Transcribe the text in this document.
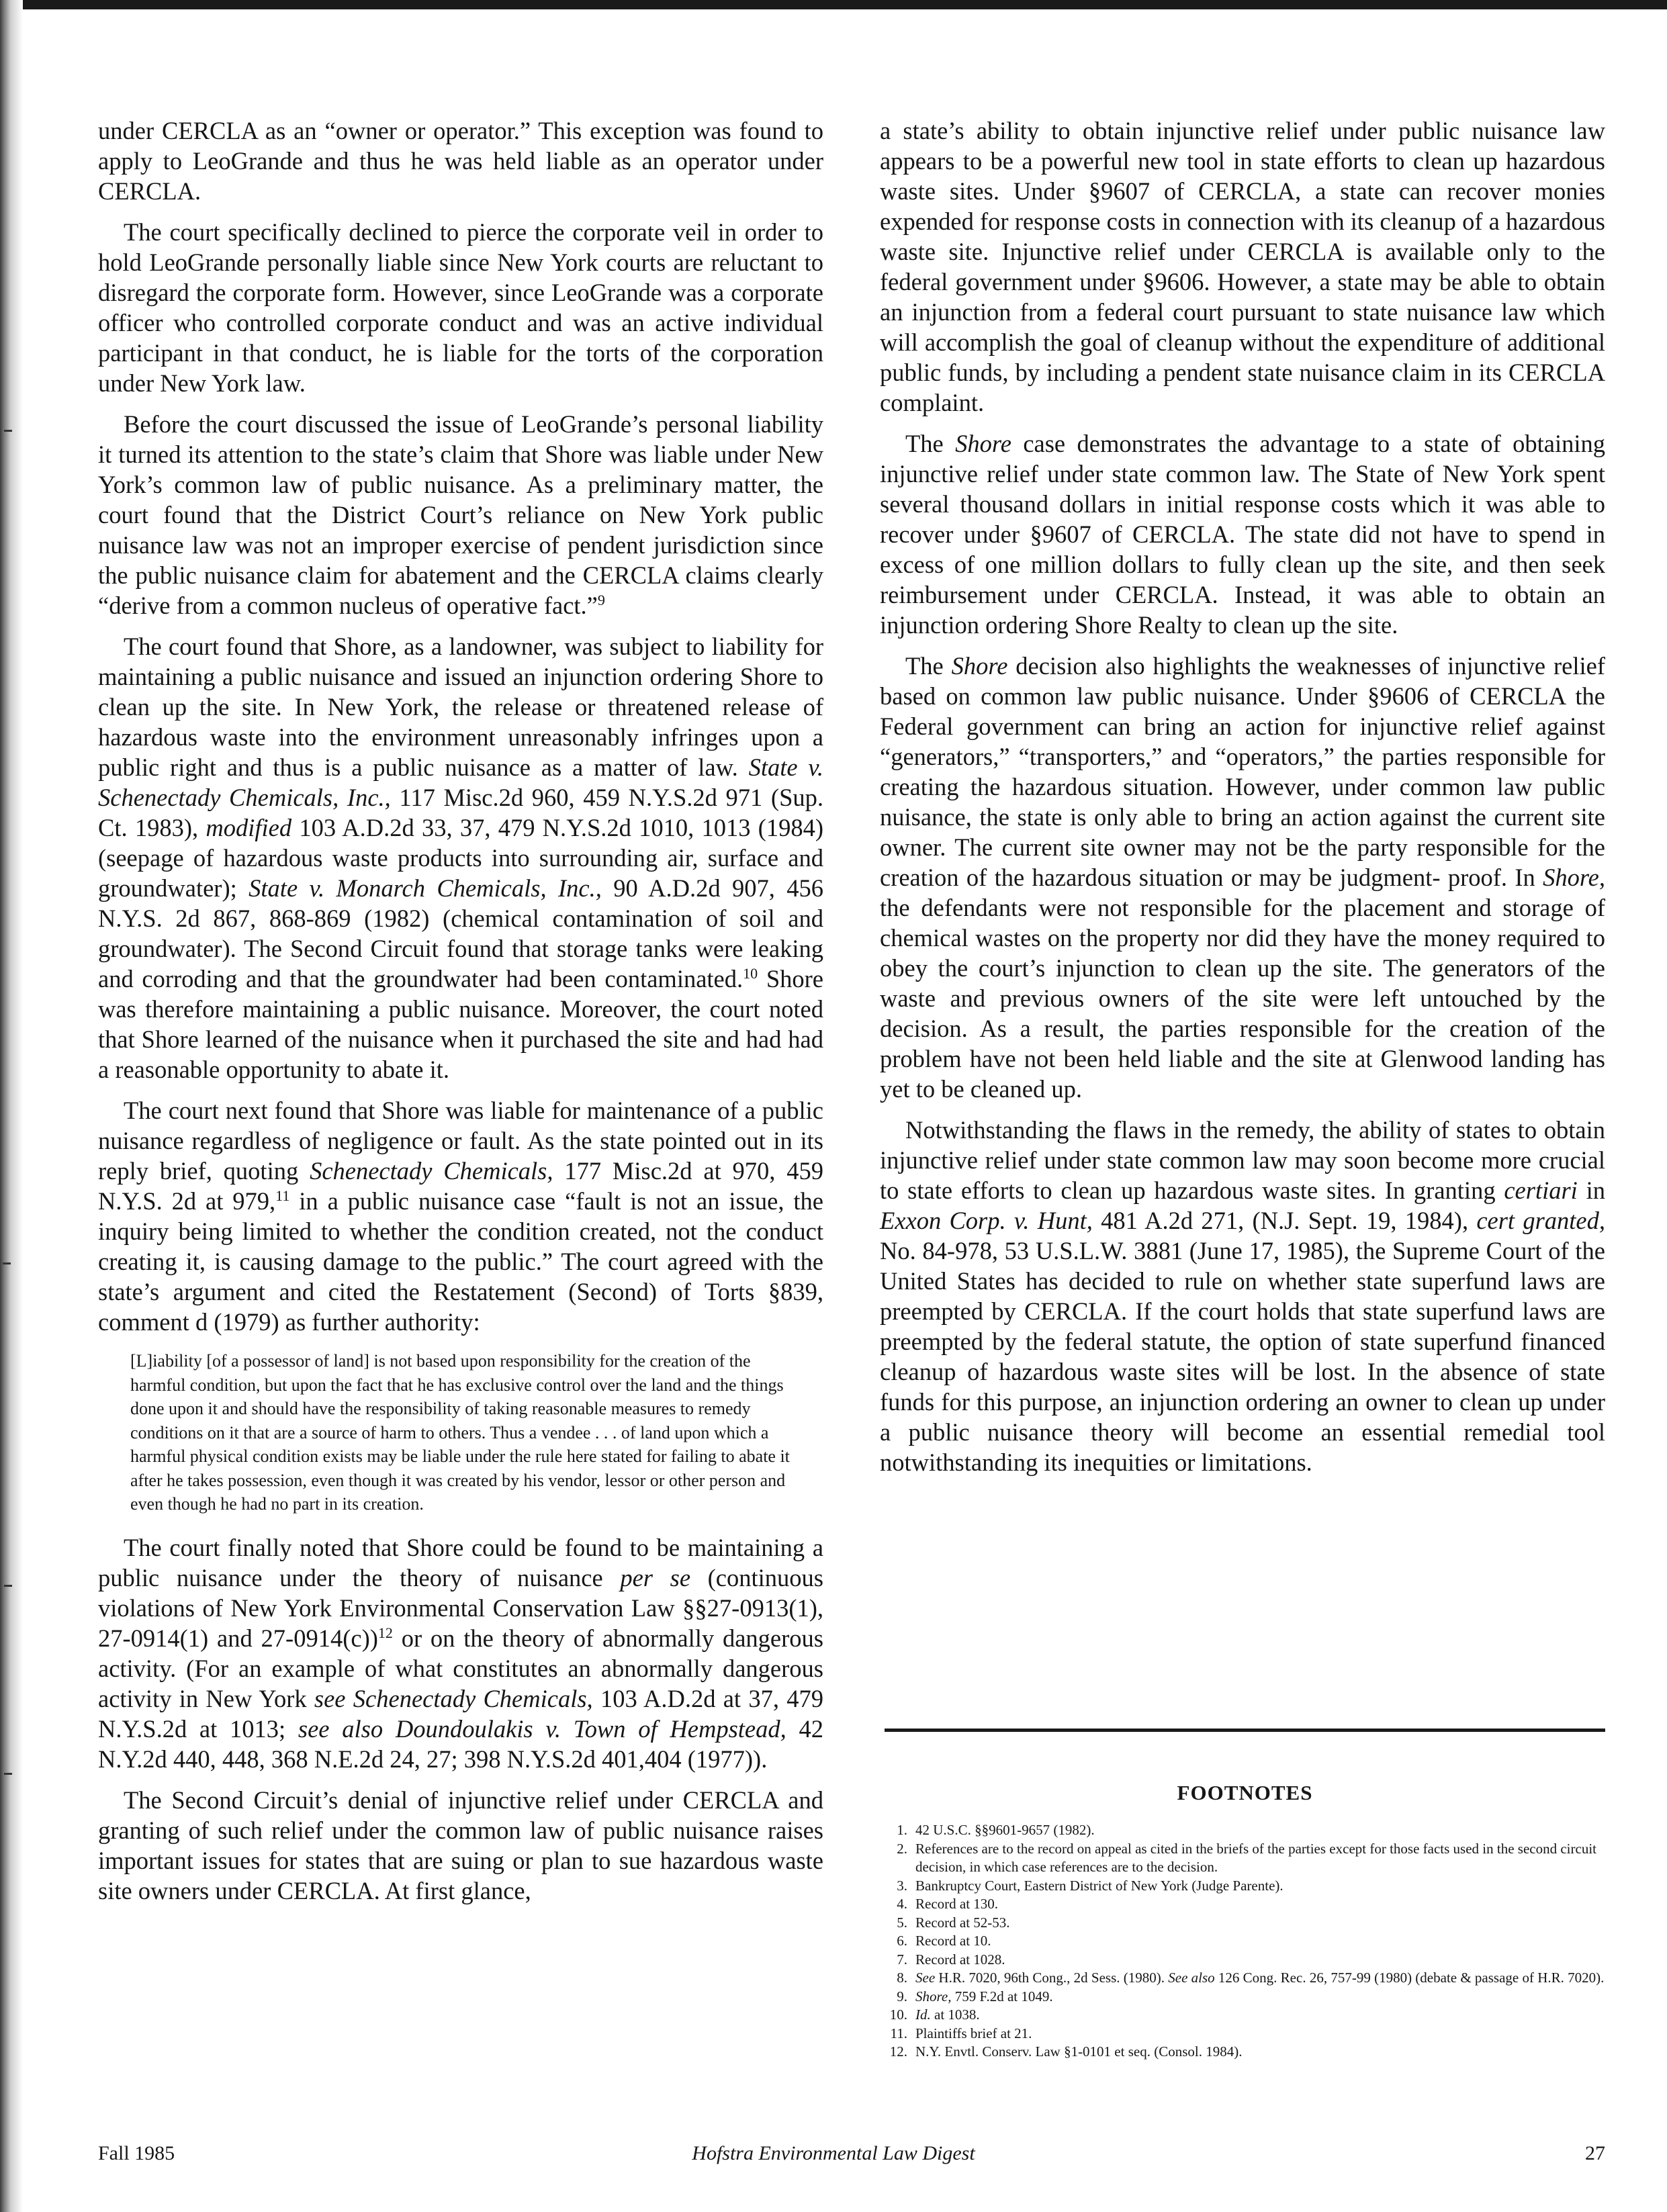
under CERCLA as an “owner or operator.” This exception was found to apply to LeoGrande and thus he was held liable as an operator under CERCLA.

The court specifically declined to pierce the corporate veil in order to hold LeoGrande personally liable since New York courts are reluctant to disregard the corporate form. However, since LeoGrande was a corporate officer who controlled corporate conduct and was an active individual participant in that conduct, he is liable for the torts of the corporation under New York law.

Before the court discussed the issue of LeoGrande’s personal liability it turned its attention to the state’s claim that Shore was liable under New York’s common law of public nuisance. As a preliminary matter, the court found that the District Court’s reliance on New York public nuisance law was not an improper exercise of pendent jurisdiction since the public nuisance claim for abatement and the CERCLA claims clearly “derive from a common nucleus of operative fact.”$^9$

The court found that Shore, as a landowner, was subject to liability for maintaining a public nuisance and issued an injunction ordering Shore to clean up the site. In New York, the release or threatened release of hazardous waste into the environment unreasonably infringes upon a public right and thus is a public nuisance as a matter of law. State v. Schenectady Chemicals, Inc., 117 Misc.2d 960, 459 N.Y.S.2d 971 (Sup. Ct. 1983), modified 103 A.D.2d 33, 37, 479 N.Y.S.2d 1010, 1013 (1984) (seepage of hazardous waste products into surrounding air, surface and groundwater); State v. Monarch Chemicals, Inc., 90 A.D.2d 907, 456 N.Y.S. 2d 867, 868-869 (1982) (chemical contamination of soil and groundwater). The Second Circuit found that storage tanks were leaking and corroding and that the groundwater had been contaminated.$^{10}$ Shore was therefore maintaining a public nuisance. Moreover, the court noted that Shore learned of the nuisance when it purchased the site and had had a reasonable opportunity to abate it.

The court next found that Shore was liable for maintenance of a public nuisance regardless of negligence or fault. As the state pointed out in its reply brief, quoting Schenectady Chemicals, 177 Misc.2d at 970, 459 N.Y.S. 2d at 979,11 in a public nuisance case “fault is not an issue, the inquiry being limited to whether the condition created, not the conduct creating it, is causing damage to the public.” The court agreed with the state’s argument and cited the Restatement (Second) of Torts §839, comment d (1979) as further authority:

[L]iability [of a possessor of land] is not based upon responsibility for the creation of the harmful condition, but upon the fact that he has exclusive control over the land and the things done upon it and should have the responsibility of taking reasonable measures to remedy conditions on it that are a source of harm to others. Thus a vendee . . . of land upon which a harmful physical condition exists may be liable under the rule here stated for failing to abate it after he takes possession, even though it was created by his vendor, lessor or other person and even though he had no part in its creation.

The court finally noted that Shore could be found to be maintaining a public nuisance under the theory of nuisance per se (continuous violations of New York Environmental Conservation Law §§27-0913(1), 27-0914(1) and 27-0914(c))$^{12}$ or on the theory of abnormally dangerous activity. (For an example of what constitutes an abnormally dangerous activity in New York see Schenectady Chemicals, 103 A.D.2d at 37, 479 N.Y.S.2d at 1013; see also Doundoulakis v. Town of Hempstead, 42 N.Y.2d 440, 448, 368 N.E.2d 24, 27; 398 N.Y.S.2d 401,404 (1977)).

The Second Circuit’s denial of injunctive relief under CERCLA and granting of such relief under the common law of public nuisance raises important issues for states that are suing or plan to sue hazardous waste site owners under CERCLA. At first glance,

a state’s ability to obtain injunctive relief under public nuisance law appears to be a powerful new tool in state efforts to clean up hazardous waste sites. Under §9607 of CERCLA, a state can recover monies expended for response costs in connection with its cleanup of a hazardous waste site. Injunctive relief under CERCLA is available only to the federal government under §9606. However, a state may be able to obtain an injunction from a federal court pursuant to state nuisance law which will accomplish the goal of cleanup without the expenditure of additional public funds, by including a pendent state nuisance claim in its CERCLA complaint.

The Shore case demonstrates the advantage to a state of obtaining injunctive relief under state common law. The State of New York spent several thousand dollars in initial response costs which it was able to recover under §9607 of CERCLA. The state did not have to spend in excess of one million dollars to fully clean up the site, and then seek reimbursement under CERCLA. Instead, it was able to obtain an injunction ordering Shore Realty to clean up the site.

The Shore decision also highlights the weaknesses of injunctive relief based on common law public nuisance. Under §9606 of CERCLA the Federal government can bring an action for injunctive relief against “generators,” “transporters,” and “operators,” the parties responsible for creating the hazardous situation. However, under common law public nuisance, the state is only able to bring an action against the current site owner. The current site owner may not be the party responsible for the creation of the hazardous situation or may be judgment- proof. In Shore, the defendants were not responsible for the placement and storage of chemical wastes on the property nor did they have the money required to obey the court’s injunction to clean up the site. The generators of the waste and previous owners of the site were left untouched by the decision. As a result, the parties responsible for the creation of the problem have not been held liable and the site at Glenwood landing has yet to be cleaned up.

Notwithstanding the flaws in the remedy, the ability of states to obtain injunctive relief under state common law may soon become more crucial to state efforts to clean up hazardous waste sites. In granting certiari in Exxon Corp. v. Hunt, 481 A.2d 271, (N.J. Sept. 19, 1984), cert granted, No. 84-978, 53 U.S.L.W. 3881 (June 17, 1985), the Supreme Court of the United States has decided to rule on whether state superfund laws are preempted by CERCLA. If the court holds that state superfund laws are preempted by the federal statute, the option of state superfund financed cleanup of hazardous waste sites will be lost. In the absence of state funds for this purpose, an injunction ordering an owner to clean up under a public nuisance theory will become an essential remedial tool notwithstanding its inequities or limitations.

FOOTNOTES
1. 42 U.S.C. §§9601-9657 (1982).
2. References are to the record on appeal as cited in the briefs of the parties except for those facts used in the second circuit decision, in which case references are to the decision.
3. Bankruptcy Court, Eastern District of New York (Judge Parente).
4. Record at 130.
5. Record at 52-53.
6. Record at 10.
7. Record at 1028.
8. See H.R. 7020, 96th Cong., 2d Sess. (1980). See also 126 Cong. Rec. 26, 757-99 (1980) (debate & passage of H.R. 7020).
9. Shore, 759 F.2d at 1049.
10. Id. at 1038.
11. Plaintiffs brief at 21.
12. N.Y. Envtl. Conserv. Law §1-0101 et seq. (Consol. 1984).
Fall 1985	Hofstra Environmental Law Digest	27
